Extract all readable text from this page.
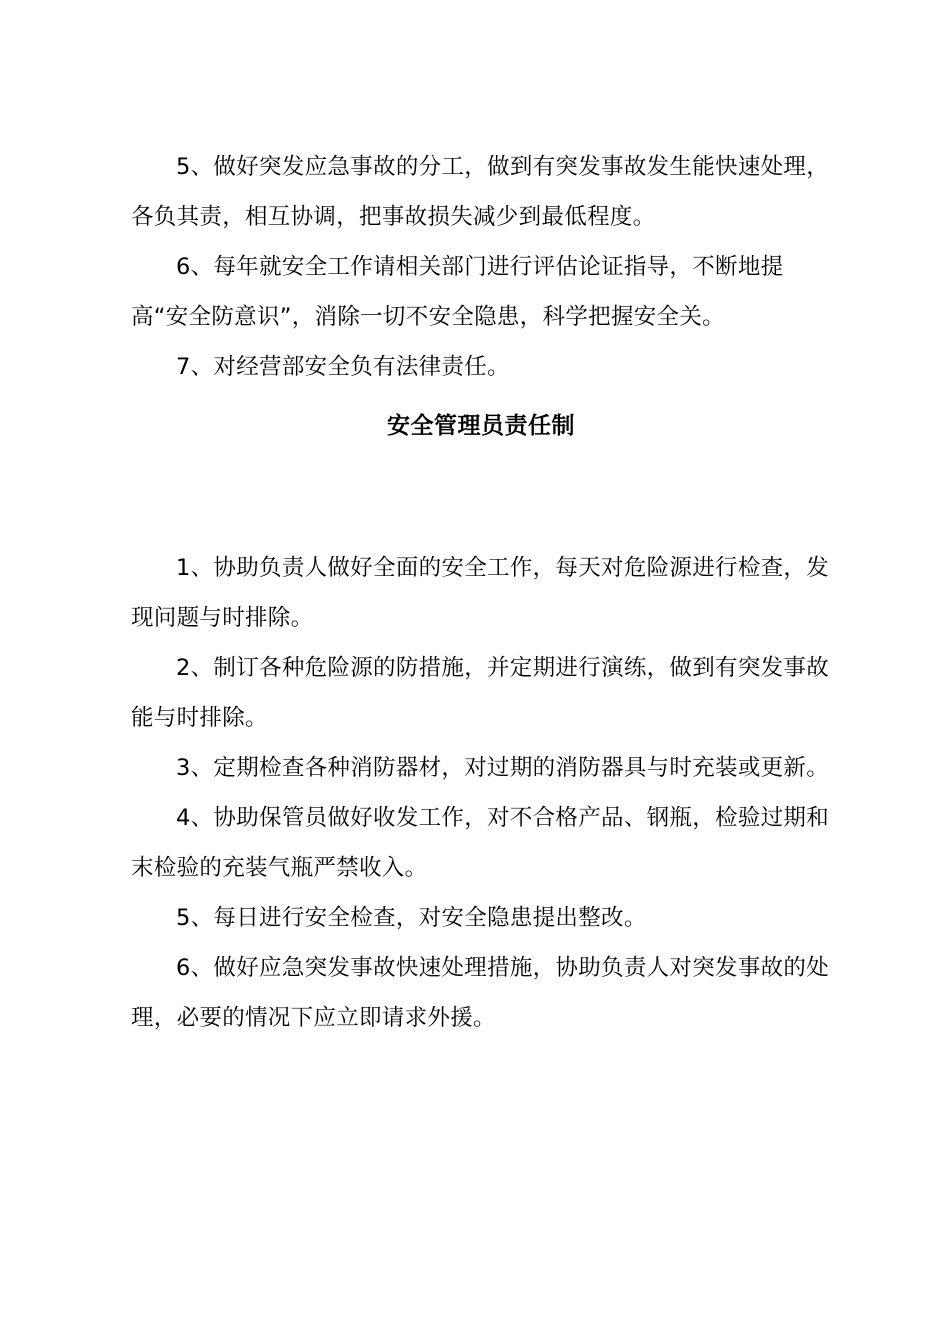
5、做好突发应急事故的分工，做到有突发事故发生能快速处理，各负其责，相互协调，把事故损失减少到最低程度。

6、每年就安全工作请相关部门进行评估论证指导，不断地提高“安全防意识”，消除一切不安全隐患，科学把握安全关。

7、对经营部安全负有法律责任。

安全管理员责任制

1、协助负责人做好全面的安全工作，每天对危险源进行检查，发现问题与时排除。

2、制订各种危险源的防措施，并定期进行演练，做到有突发事故能与时排除。

3、定期检查各种消防器材，对过期的消防器具与时充装或更新。

4、协助保管员做好收发工作，对不合格产品、钢瓶，检验过期和末检验的充装气瓶严禁收入。

5、每日进行安全检查，对安全隐患提出整改。

6、做好应急突发事故快速处理措施，协助负责人对突发事故的处理，必要的情况下应立即请求外援。
